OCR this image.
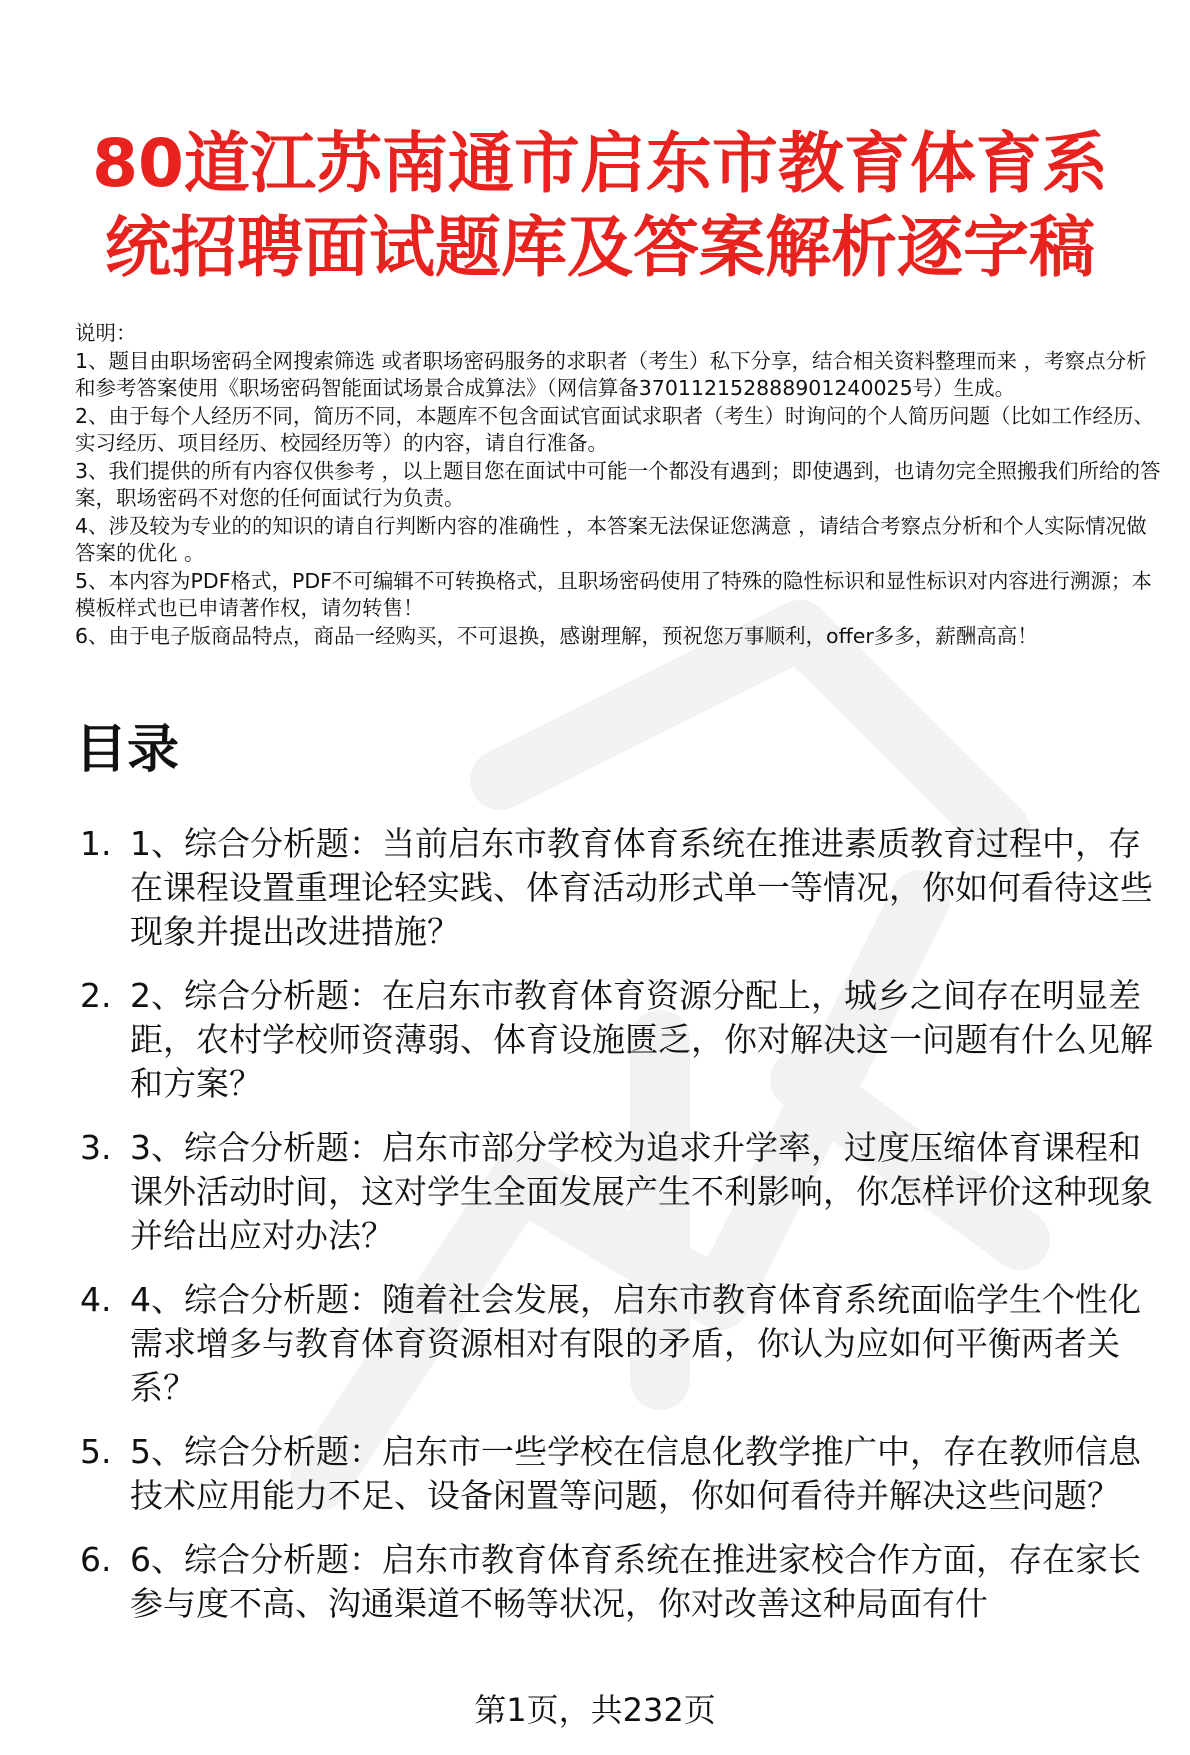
80道江苏南通市启东市教育体育系统招聘面试题库及答案解析逐字稿

说明：

1、题目由职场密码全网搜索筛选 或者职场密码服务的求职者（考生）私下分享，结合相关资料整理而来 ，考察点分析和参考答案使用《职场密码智能面试场景合成算法》（网信算备370112152888901240025号）生成。

2、由于每个人经历不同，简历不同，本题库不包含面试官面试求职者（考生）时询问的个人简历问题（比如工作经历、实习经历、项目经历、校园经历等）的内容，请自行准备。

3、我们提供的所有内容仅供参考 ，以上题目您在面试中可能一个都没有遇到；即使遇到，也请勿完全照搬我们所给的答案，职场密码不对您的任何面试行为负责。

4、涉及较为专业的的知识的请自行判断内容的准确性 ，本答案无法保证您满意 ，请结合考察点分析和个人实际情况做答案的优化 。

5、本内容为PDF格式，PDF不可编辑不可转换格式，且职场密码使用了特殊的隐性标识和显性标识对内容进行溯源；本模板样式也已申请著作权，请勿转售！

6、由于电子版商品特点，商品一经购买，不可退换，感谢理解，预祝您万事顺利，offer多多，薪酬高高！

目录
1. 1、综合分析题：当前启东市教育体育系统在推进素质教育过程中，存在课程设置重理论轻实践、体育活动形式单一等情况，你如何看待这些现象并提出改进措施？
2. 2、综合分析题：在启东市教育体育资源分配上，城乡之间存在明显差距，农村学校师资薄弱、体育设施匮乏，你对解决这一问题有什么见解和方案？
3. 3、综合分析题：启东市部分学校为追求升学率，过度压缩体育课程和课外活动时间，这对学生全面发展产生不利影响，你怎样评价这种现象并给出应对办法？
4. 4、综合分析题：随着社会发展，启东市教育体育系统面临学生个性化需求增多与教育体育资源相对有限的矛盾，你认为应如何平衡两者关系？
5. 5、综合分析题：启东市一些学校在信息化教学推广中，存在教师信息技术应用能力不足、设备闲置等问题，你如何看待并解决这些问题？
6. 6、综合分析题：启东市教育体育系统在推进家校合作方面，存在家长参与度不高、沟通渠道不畅等状况，你对改善这种局面有什
第1页，共232页
